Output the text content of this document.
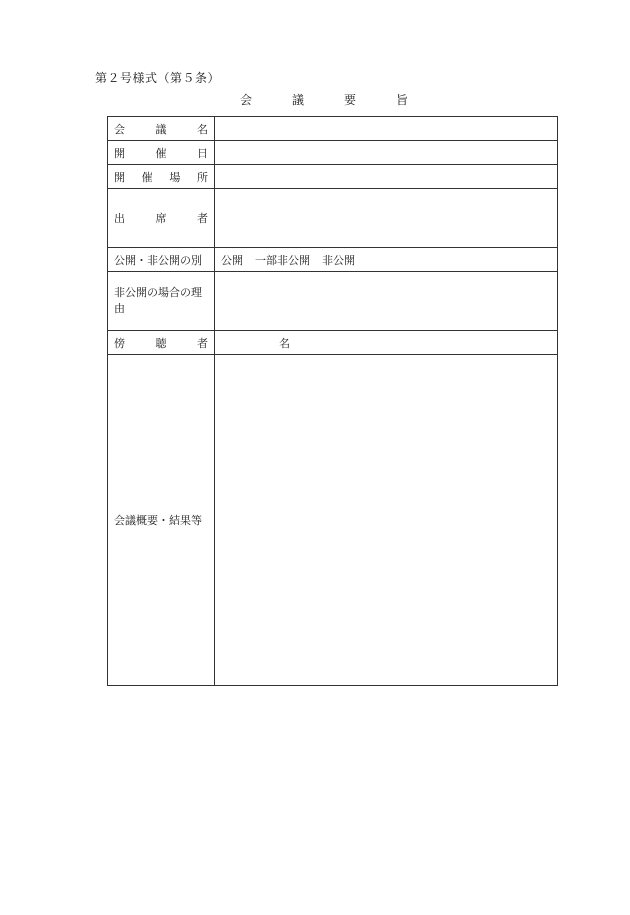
第２号様式（第５条）
会	議	要	旨
会議名	
開催日	
開催場所	
出席者	
公開・非公開の別	公開 一部非公開 非公開
非公開の場合の理由	
傍聴者	名
会議概要・結果等	
